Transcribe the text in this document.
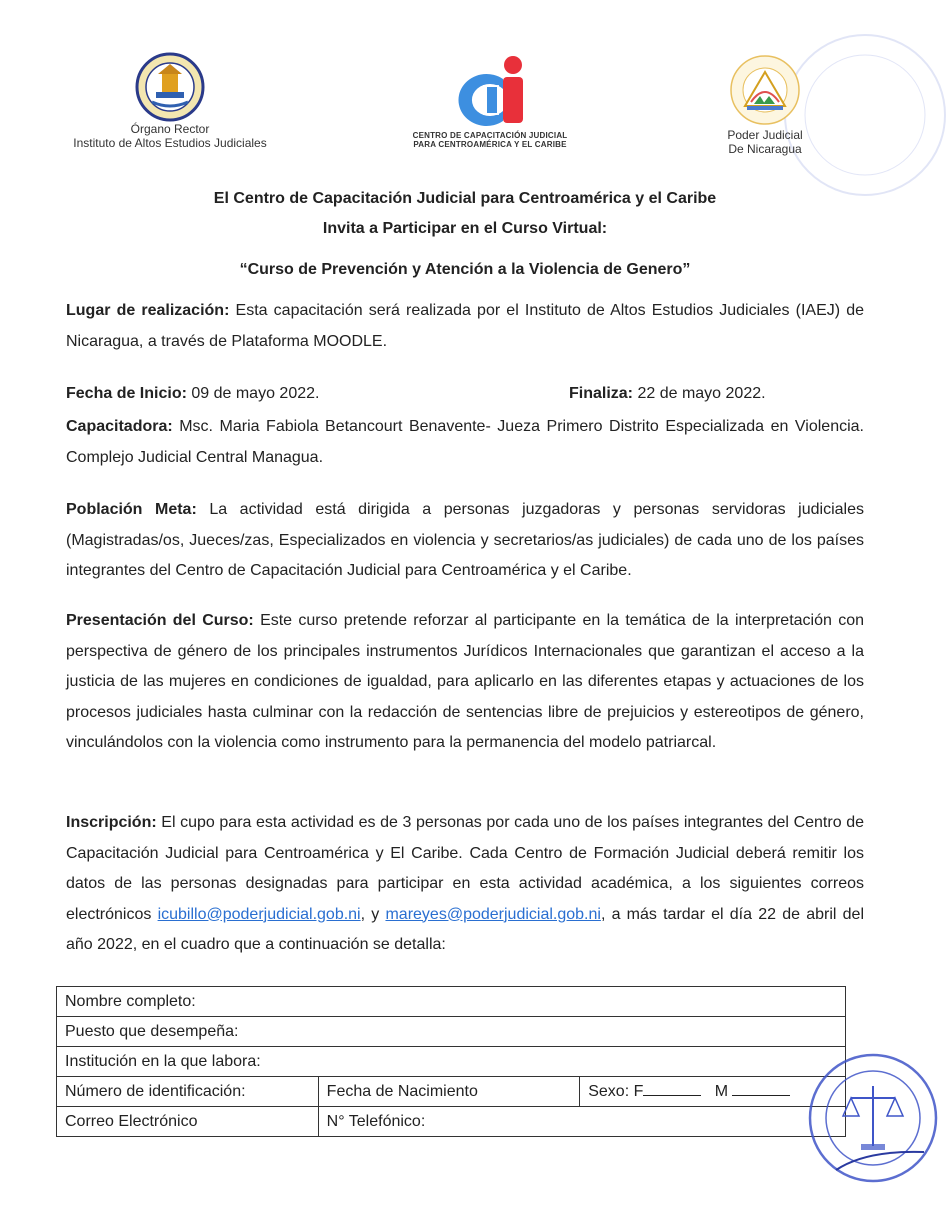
Órgano Rector
Instituto de Altos Estudios Judiciales
CENTRO DE CAPACITACIÓN JUDICIAL
PARA CENTROAMÉRICA Y EL CARIBE
Poder Judicial
De Nicaragua
El Centro de Capacitación Judicial para Centroamérica y el Caribe
Invita a Participar en el Curso Virtual:
“Curso de Prevención y Atención a la Violencia de Genero”

Lugar de realización: Esta capacitación será realizada por el Instituto de Altos Estudios Judiciales (IAEJ) de Nicaragua, a través de Plataforma MOODLE.

Fecha de Inicio: 09 de mayo 2022.	Finaliza: 22 de mayo 2022.

Capacitadora: Msc. Maria Fabiola Betancourt Benavente- Jueza Primero Distrito Especializada en Violencia. Complejo Judicial Central Managua.

Población Meta: La actividad está dirigida a personas juzgadoras y personas servidoras judiciales (Magistradas/os, Jueces/zas, Especializados en violencia y secretarios/as judiciales) de cada uno de los países integrantes del Centro de Capacitación Judicial para Centroamérica y el Caribe.

Presentación del Curso: Este curso pretende reforzar al participante en la temática de la interpretación con perspectiva de género de los principales instrumentos Jurídicos Internacionales que garantizan el acceso a la justicia de las mujeres en condiciones de igualdad, para aplicarlo en las diferentes etapas y actuaciones de los procesos judiciales hasta culminar con la redacción de sentencias libre de prejuicios y estereotipos de género, vinculándolos con la violencia como instrumento para la permanencia del modelo patriarcal.

Inscripción: El cupo para esta actividad es de 3 personas por cada uno de los países integrantes del Centro de Capacitación Judicial para Centroamérica y El Caribe. Cada Centro de Formación Judicial deberá remitir los datos de las personas designadas para participar en esta actividad académica, a los siguientes correos electrónicos icubillo@poderjudicial.gob.ni, y mareyes@poderjudicial.gob.ni, a más tardar el día 22 de abril del año 2022, en el cuadro que a continuación se detalla:

Nombre completo:		
Puesto que desempeña:		
Institución en la que labora:		
Número de identificación:	Fecha de Nacimiento	Sexo: F M
Correo Electrónico	N° Telefónico:	
